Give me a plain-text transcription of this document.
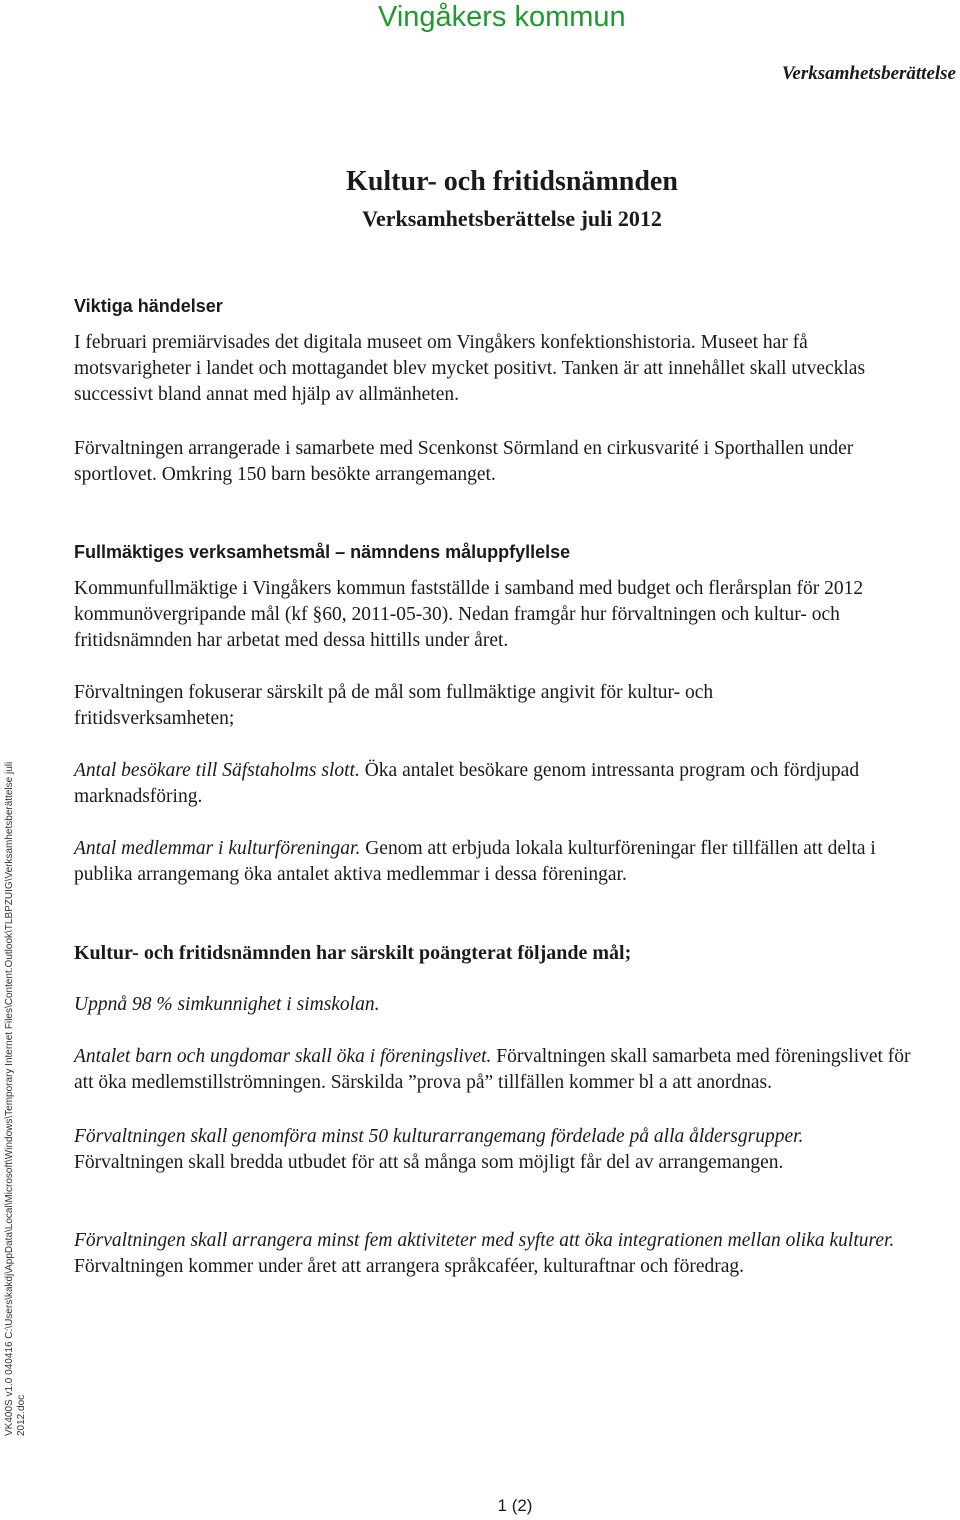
Vingåkers kommun
Verksamhetsberättelse
Kultur- och fritidsnämnden
Verksamhetsberättelse juli 2012
Viktiga händelser

I februari premiärvisades det digitala museet om Vingåkers konfektionshistoria. Museet har få motsvarigheter i landet och mottagandet blev mycket positivt. Tanken är att innehållet skall utvecklas successivt bland annat med hjälp av allmänheten.

Förvaltningen arrangerade i samarbete med Scenkonst Sörmland en cirkusvarité i Sporthallen under sportlovet. Omkring 150 barn besökte arrangemanget.

Fullmäktiges verksamhetsmål – nämndens måluppfyllelse

Kommunfullmäktige i Vingåkers kommun fastställde i samband med budget och flerårsplan för 2012 kommunövergripande mål (kf §60, 2011-05-30). Nedan framgår hur förvaltningen och kultur- och fritidsnämnden har arbetat med dessa hittills under året.

Förvaltningen fokuserar särskilt på de mål som fullmäktige angivit för kultur- och fritidsverksamheten;

Antal besökare till Säfstaholms slott. Öka antalet besökare genom intressanta program och fördjupad marknadsföring.

Antal medlemmar i kulturföreningar. Genom att erbjuda lokala kulturföreningar fler tillfällen att delta i publika arrangemang öka antalet aktiva medlemmar i dessa föreningar.

Kultur- och fritidsnämnden har särskilt poängterat följande mål;

Uppnå 98 % simkunnighet i simskolan.

Antalet barn och ungdomar skall öka i föreningslivet. Förvaltningen skall samarbeta med föreningslivet för att öka medlemstillströmningen. Särskilda ”prova på” tillfällen kommer bl a att anordnas.

Förvaltningen skall genomföra minst 50 kulturarrangemang fördelade på alla åldersgrupper. Förvaltningen skall bredda utbudet för att så många som möjligt får del av arrangemangen.

Förvaltningen skall arrangera minst fem aktiviteter med syfte att öka integrationen mellan olika kulturer. Förvaltningen kommer under året att arrangera språkcaféer, kulturaftnar och föredrag.

VK400S v1.0 040416 C:\Users\kakdj\AppData\Local\Microsoft\Windows\Temporary Internet Files\Content.Outlook\TLBPZUIG\Verksamhetsberättelse juli 2012.doc
1 (2)
